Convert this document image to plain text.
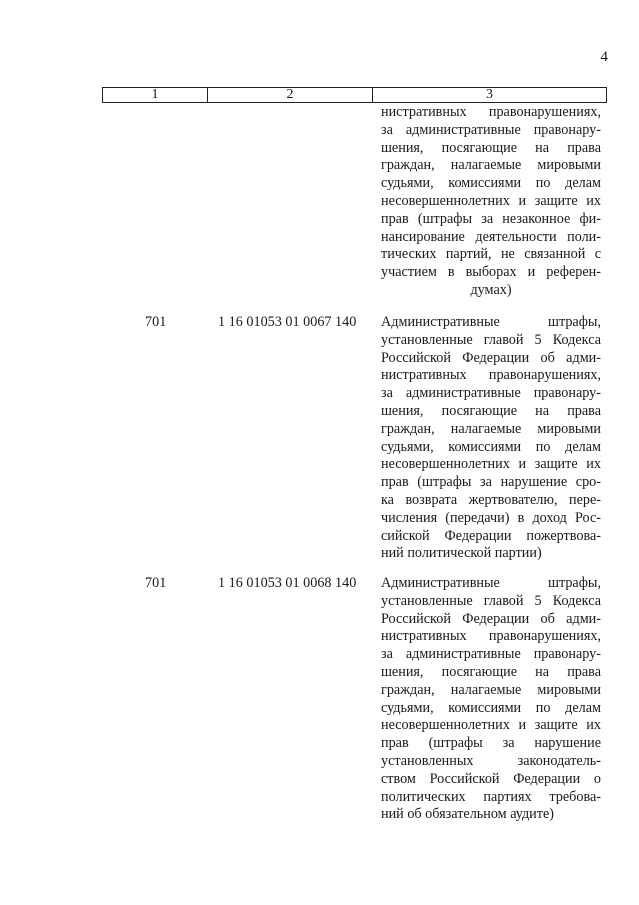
4
1	2	3
нистративных правонарушениях,
за административные правонару-
шения, посягающие на права
граждан, налагаемые мировыми
судьями, комиссиями по делам
несовершеннолетних и защите их
прав (штрафы за незаконное фи-
нансирование деятельности поли-
тических партий, не связанной с
участием в выборах и референ-
думах)
701	1 16 01053 01 0067 140 Административные штрафы,
установленные главой 5 Кодекса
Российской Федерации об адми-
нистративных правонарушениях,
за административные правонару-
шения, посягающие на права
граждан, налагаемые мировыми
судьями, комиссиями по делам
несовершеннолетних и защите их
прав (штрафы за нарушение сро-
ка возврата жертвователю, пере-
числения (передачи) в доход Рос-
сийской Федерации пожертвова-
ний политической партии)
701	1 16 01053 01 0068 140 Административные штрафы,
установленные главой 5 Кодекса
Российской Федерации об адми-
нистративных правонарушениях,
за административные правонару-
шения, посягающие на права
граждан, налагаемые мировыми
судьями, комиссиями по делам
несовершеннолетних и защите их
прав (штрафы за нарушение
установленных законодатель-
ством Российской Федерации о
политических партиях требова-
ний об обязательном аудите)
